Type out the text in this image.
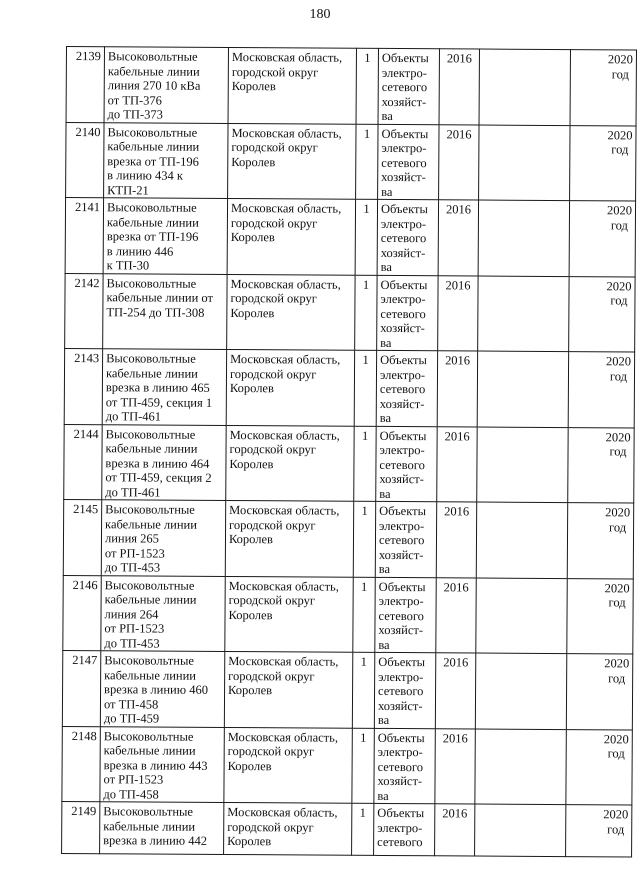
180
2139	Высоковольтные
кабельные линии
линия 270 10 кВа
от ТП-376
до ТП-373	Московская область,
городской округ
Королев	1	Объекты
электро-
сетевого
хозяйст-
ва	2016		2020
год
2140	Высоковольтные
кабельные линии
врезка от ТП-196
в линию 434 к
КТП-21	Московская область,
городской округ
Королев	1	Объекты
электро-
сетевого
хозяйст-
ва	2016		2020
год
2141	Высоковольтные
кабельные линии
врезка от ТП-196
в линию 446
к ТП-30	Московская область,
городской округ
Королев	1	Объекты
электро-
сетевого
хозяйст-
ва	2016		2020
год
2142	Высоковольтные
кабельные линии от
ТП-254 до ТП-308	Московская область,
городской округ
Королев	1	Объекты
электро-
сетевого
хозяйст-
ва	2016		2020
год
2143	Высоковольтные
кабельные линии
врезка в линию 465
от ТП-459, секция 1
до ТП-461	Московская область,
городской округ
Королев	1	Объекты
электро-
сетевого
хозяйст-
ва	2016		2020
год
2144	Высоковольтные
кабельные линии
врезка в линию 464
от ТП-459, секция 2
до ТП-461	Московская область,
городской округ
Королев	1	Объекты
электро-
сетевого
хозяйст-
ва	2016		2020
год
2145	Высоковольтные
кабельные линии
линия 265
от РП-1523
до ТП-453	Московская область,
городской округ
Королев	1	Объекты
электро-
сетевого
хозяйст-
ва	2016		2020
год
2146	Высоковольтные
кабельные линии
линия 264
от РП-1523
до ТП-453	Московская область,
городской округ
Королев	1	Объекты
электро-
сетевого
хозяйст-
ва	2016		2020
год
2147	Высоковольтные
кабельные линии
врезка в линию 460
от ТП-458
до ТП-459	Московская область,
городской округ
Королев	1	Объекты
электро-
сетевого
хозяйст-
ва	2016		2020
год
2148	Высоковольтные
кабельные линии
врезка в линию 443
от РП-1523
до ТП-458	Московская область,
городской округ
Королев	1	Объекты
электро-
сетевого
хозяйст-
ва	2016		2020
год
2149	Высоковольтные
кабельные линии
врезка в линию 442	Московская область,
городской округ
Королев	1	Объекты
электро-
сетевого	2016		2020
год
